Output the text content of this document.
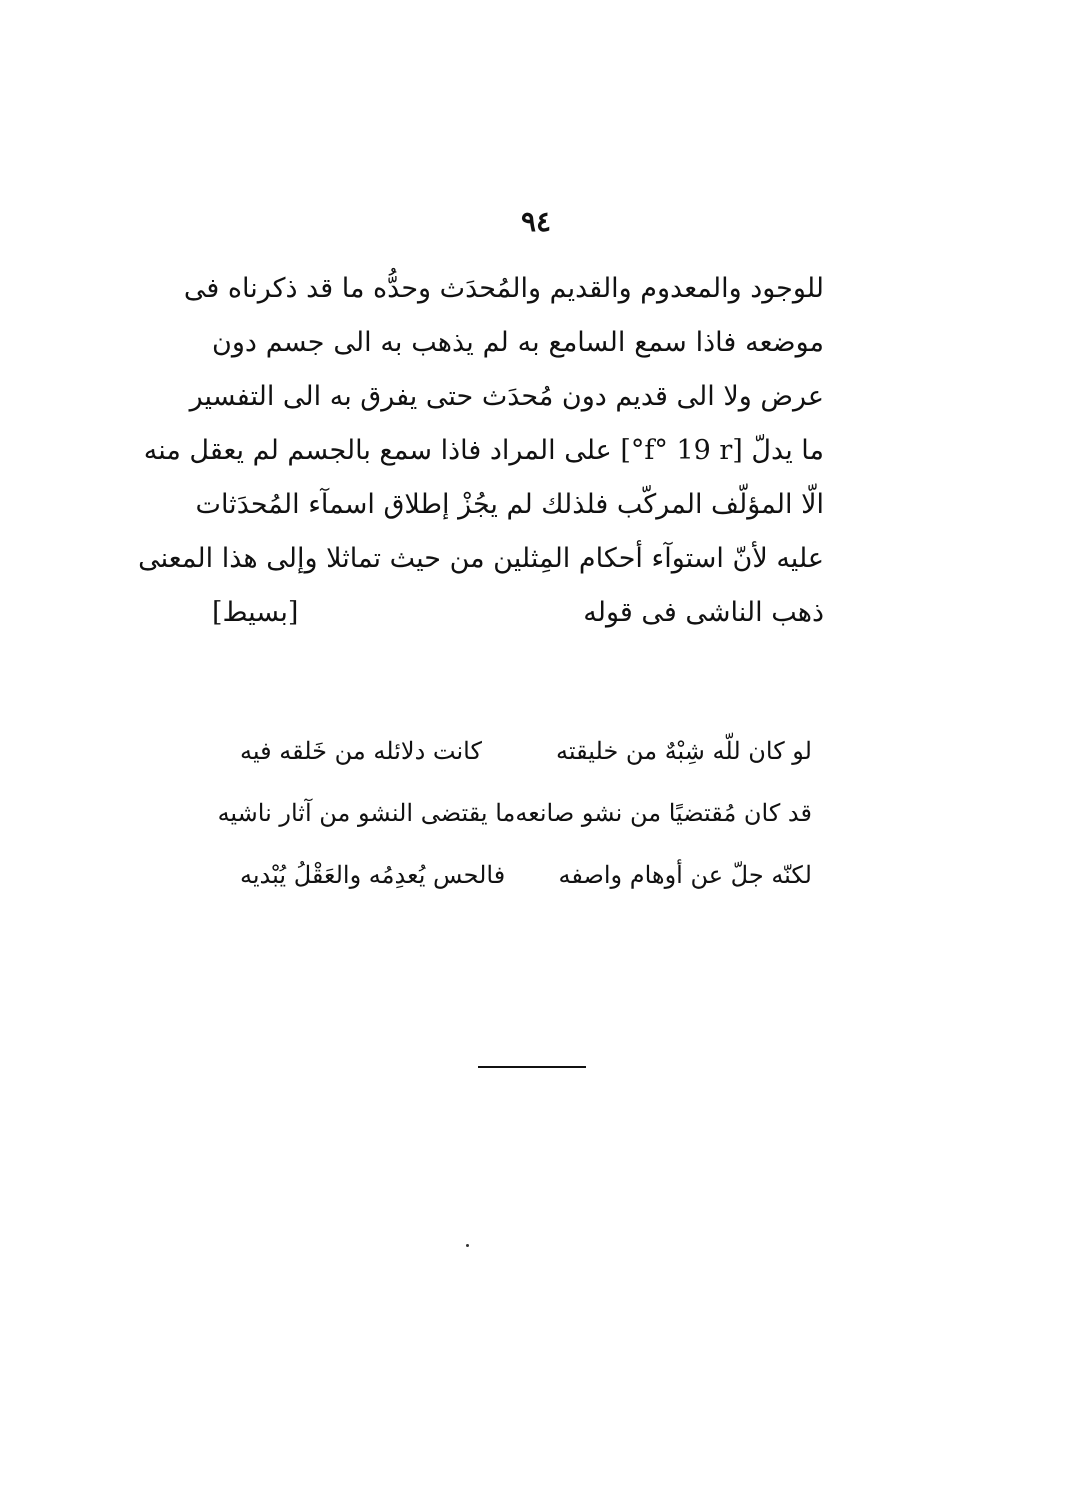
٩٤
للوجود والمعدوم والقديم والمُحدَث وحدُّه ما قد ذكرناه فى
موضعه فاذا سمع السامع به لم يذهب به الى جسم دون
عرض ولا الى قديم دون مُحدَث حتى يفرق به الى التفسير
ما يدلّ [f° 19 r°] على المراد فاذا سمع بالجسم لم يعقل منه
الّا المؤلّف المركّب فلذلك لم يجُزْ إطلاق اسمآء المُحدَثات
عليه لأنّ استوآء أحكام المِثلين من حيث تماثلا وإلى هذا المعنى
ذهب الناشى فى قوله
[بسيط]
لو كان للّه شِبْهٌ من خليقته
كانت دلائله من خَلقه فيه
قد كان مُقتضيًا من نشو صانعه
ما يقتضى النشو من آثار ناشيه
لكنّه جلّ عن أوهام واصفه
فالحس يُعدِمُه والعَقْلُ يُبْديه
